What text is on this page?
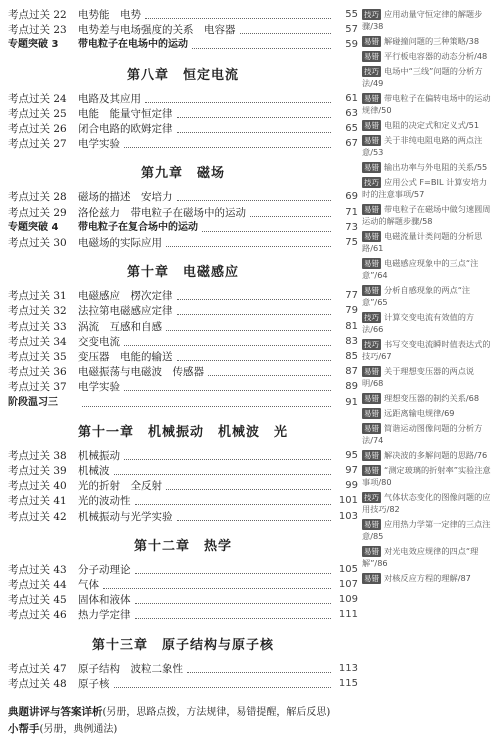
考点过关 22	电势能　电势	55
考点过关 23	电势差与电场强度的关系　电容器	57
专题突破 3	带电粒子在电场中的运动	59
第八章　恒定电流
考点过关 24	电路及其应用	61
考点过关 25	电能　能量守恒定律	63
考点过关 26	闭合电路的欧姆定律	65
考点过关 27	电学实验	67
第九章　磁场
考点过关 28	磁场的描述　安培力	69
考点过关 29	洛伦兹力　带电粒子在磁场中的运动	71
专题突破 4	带电粒子在复合场中的运动	73
考点过关 30	电磁场的实际应用	75
第十章　电磁感应
考点过关 31	电磁感应　楞次定律	77
考点过关 32	法拉第电磁感应定律	79
考点过关 33	涡流　互感和自感	81
考点过关 34	交变电流	83
考点过关 35	变压器　电能的输送	85
考点过关 36	电磁振荡与电磁波　传感器	87
考点过关 37	电学实验	89
阶段温习三	91
第十一章　机械振动　机械波　光
考点过关 38	机械振动	95
考点过关 39	机械波	97
考点过关 40	光的折射　全反射	99
考点过关 41	光的波动性	101
考点过关 42	机械振动与光学实验	103
第十二章　热学
考点过关 43	分子动理论	105
考点过关 44	气体	107
考点过关 45	固体和液体	109
考点过关 46	热力学定律	111
第十三章　原子结构与原子核
考点过关 47	原子结构　波粒二象性	113
考点过关 48	原子核	115
技巧 应用动量守恒定律的解题步骤/38
易错 解碰撞问题的三种策略/38
易错 平行板电容器的动态分析/48
技巧 电场中“三线”问题的分析方法/49
易错 带电粒子在偏转电场中的运动规律/50
易错 电阻的决定式和定义式/51
易错 关于非纯电阻电路的两点注意/53
易错 输出功率与外电阻的关系/55
技巧 应用公式 F=BIL 计算安培力时的注意事项/57
易错 带电粒子在磁场中做匀速圆周运动的解题步骤/58
易错 电磁流量计类问题的分析思路/61
易错 电磁感应现象中的三点“注意”/64
易错 分析自感现象的两点“注意”/65
技巧 计算交变电流有效值的方法/66
技巧 书写交变电流瞬时值表达式的技巧/67
易错 关于理想变压器的两点说明/68
易错 理想变压器的制约关系/68
易错 远距离输电规律/69
易错 简谐运动图像问题的分析方法/74
易错 解决波的多解问题的思路/76
易错 “测定玻璃的折射率”实验注意事项/80
技巧 气体状态变化的图像问题的应用技巧/82
易错 应用热力学第一定律的三点注意/85
易错 对光电效应规律的四点“理解”/86
易错 对核反应方程的理解/87
典题讲评与答案详析(另册，思路点拨，方法规律，易错提醒，解后反思)
小帮手(另册，典例通法)
